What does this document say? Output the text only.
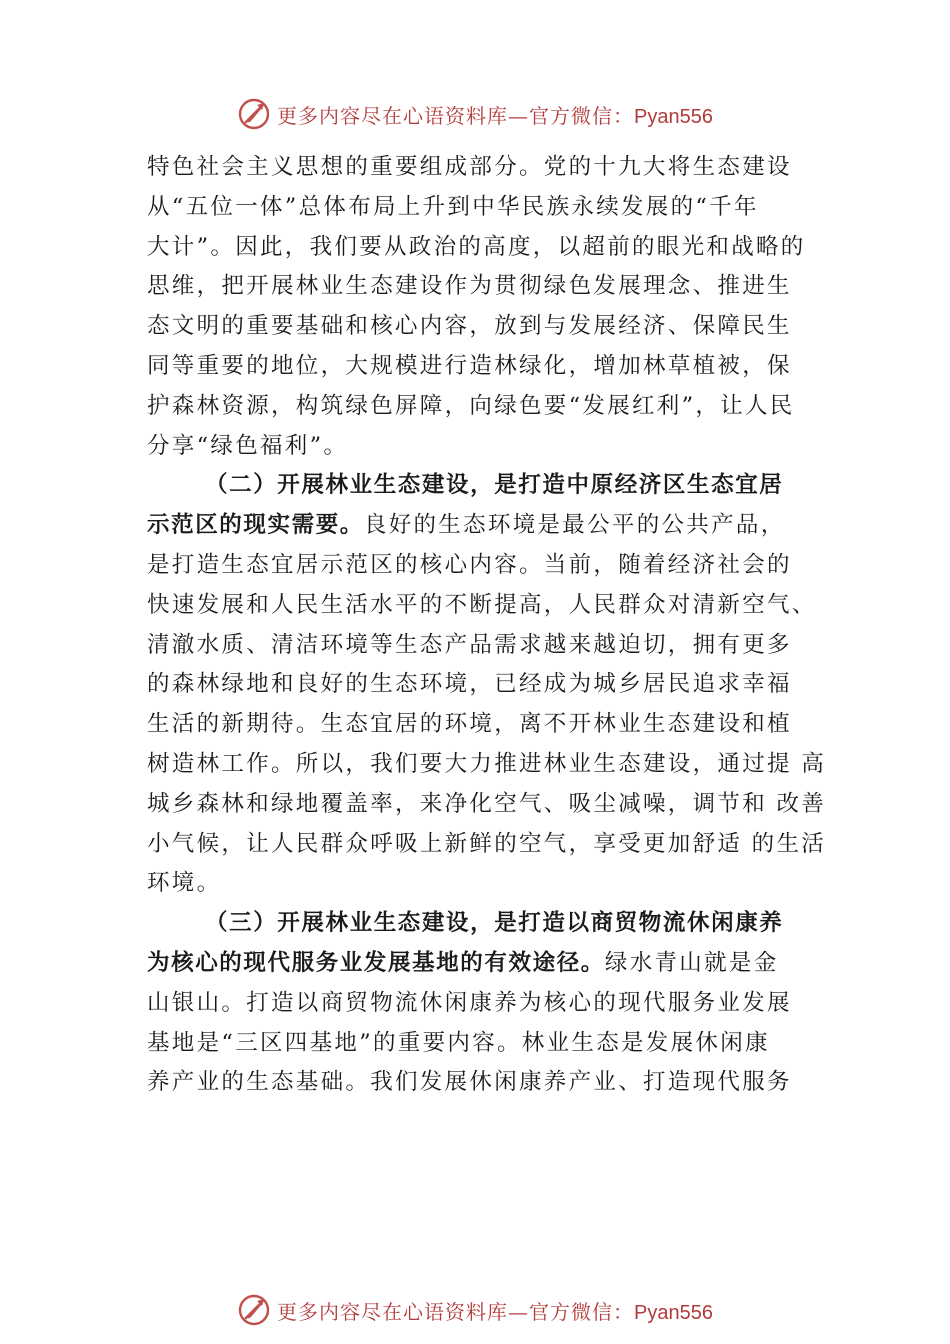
更多内容尽在心语资料库—官方微信：Pyan556
特色社会主义思想的重要组成部分。党的十九大将生态建设
从“五位一体”总体布局上升到中华民族永续发展的“千年
大计”。因此，我们要从政治的高度，以超前的眼光和战略的
思维，把开展林业生态建设作为贯彻绿色发展理念、推进生
态文明的重要基础和核心内容，放到与发展经济、保障民生
同等重要的地位，大规模进行造林绿化，增加林草植被，保
护森林资源，构筑绿色屏障，向绿色要“发展红利”，让人民
分享“绿色福利”。
（二）开展林业生态建设，是打造中原经济区生态宜居
示范区的现实需要。良好的生态环境是最公平的公共产品，
是打造生态宜居示范区的核心内容。当前，随着经济社会的
快速发展和人民生活水平的不断提高，人民群众对清新空气、
清澈水质、清洁环境等生态产品需求越来越迫切，拥有更多
的森林绿地和良好的生态环境，已经成为城乡居民追求幸福
生活的新期待。生态宜居的环境，离不开林业生态建设和植
树造林工作。所以，我们要大力推进林业生态建设，通过提 高
城乡森林和绿地覆盖率，来净化空气、吸尘减噪，调节和 改善
小气候，让人民群众呼吸上新鲜的空气，享受更加舒适 的生活
环境。
（三）开展林业生态建设，是打造以商贸物流休闲康养
为核心的现代服务业发展基地的有效途径。绿水青山就是金
山银山。打造以商贸物流休闲康养为核心的现代服务业发展
基地是“三区四基地”的重要内容。林业生态是发展休闲康
养产业的生态基础。我们发展休闲康养产业、打造现代服务
更多内容尽在心语资料库—官方微信：Pyan556
